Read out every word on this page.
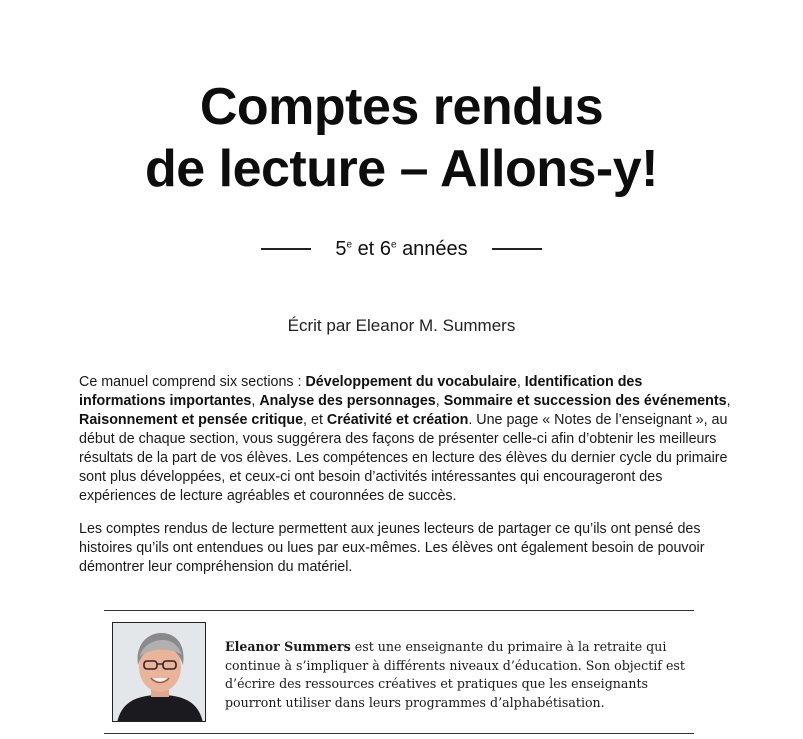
Comptes rendus
de lecture – Allons-y!
5e et 6e années
Écrit par Eleanor M. Summers

Ce manuel comprend six sections : Développement du vocabulaire, Identification des informations importantes, Analyse des personnages, Sommaire et succession des événements, Raisonnement et pensée critique, et Créativité et création. Une page « Notes de l’enseignant », au début de chaque section, vous suggérera des façons de présenter celle-ci afin d’obtenir les meilleurs résultats de la part de vos élèves. Les compétences en lecture des élèves du dernier cycle du primaire sont plus développées, et ceux-ci ont besoin d’activités intéressantes qui encourageront des expériences de lecture agréables et couronnées de succès.

Les comptes rendus de lecture permettent aux jeunes lecteurs de partager ce qu’ils ont pensé des histoires qu’ils ont entendues ou lues par eux-mêmes. Les élèves ont également besoin de pouvoir démontrer leur compréhension du matériel.

Eleanor Summers est une enseignante du primaire à la retraite qui continue à s’impliquer à différents niveaux d’éducation. Son objectif est d’écrire des ressources créatives et pratiques que les enseignants pourront utiliser dans leurs programmes d’alphabétisation.
